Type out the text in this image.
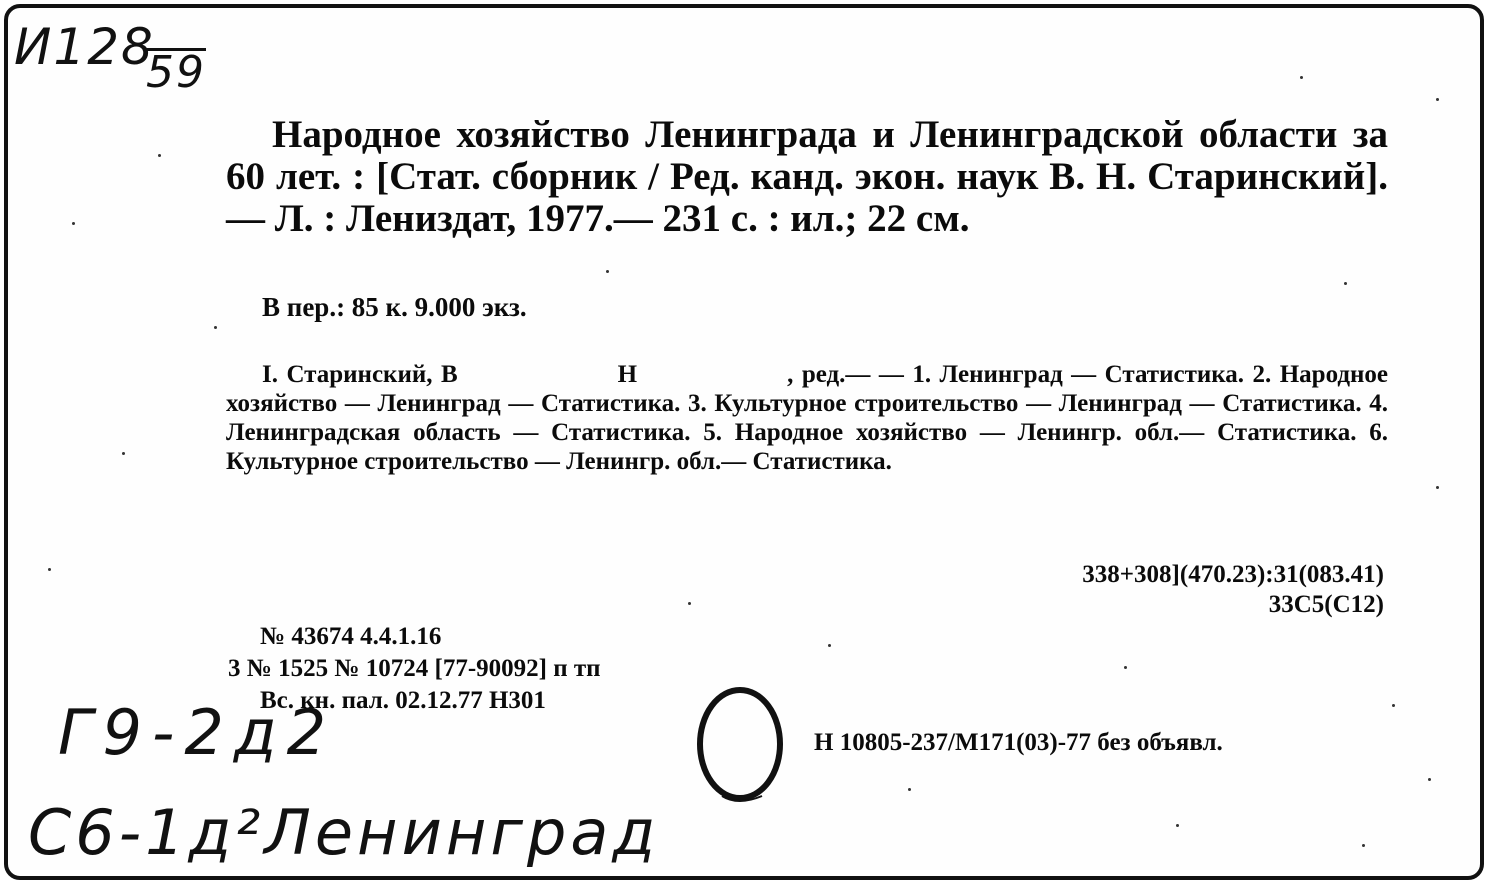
И128
59
Народное хозяйство Ленинграда и Ленинградской области за 60 лет. : [Стат. сборник / Ред. канд. экон. наук В. Н. Старинский].— Л. : Лениздат, 1977.— 231 с. : ил.; 22 см.
В пер.: 85 к. 9.000 экз.
I. Старинский, В	Н	, ред.— — 1. Ленинград — Статистика. 2. Народное хозяйство — Ленинград — Статистика. 3. Культурное строительство — Ленинград — Статистика. 4. Ленинградская область — Статистика. 5. Народное хозяйство — Ленингр. обл.— Статистика. 6. Культурное строительство — Ленингр. обл.— Статистика.
338+308](470.23):31(083.41)
33С5(С12)
№ 43674 4.4.1.16
3 № 1525 № 10724 [77-90092] п тп
Вс. кн. пал. 02.12.77 Н301
Н 10805-237/М171(03)-77 без объявл.
Г9-2д2
С6-1д²Ленинград
